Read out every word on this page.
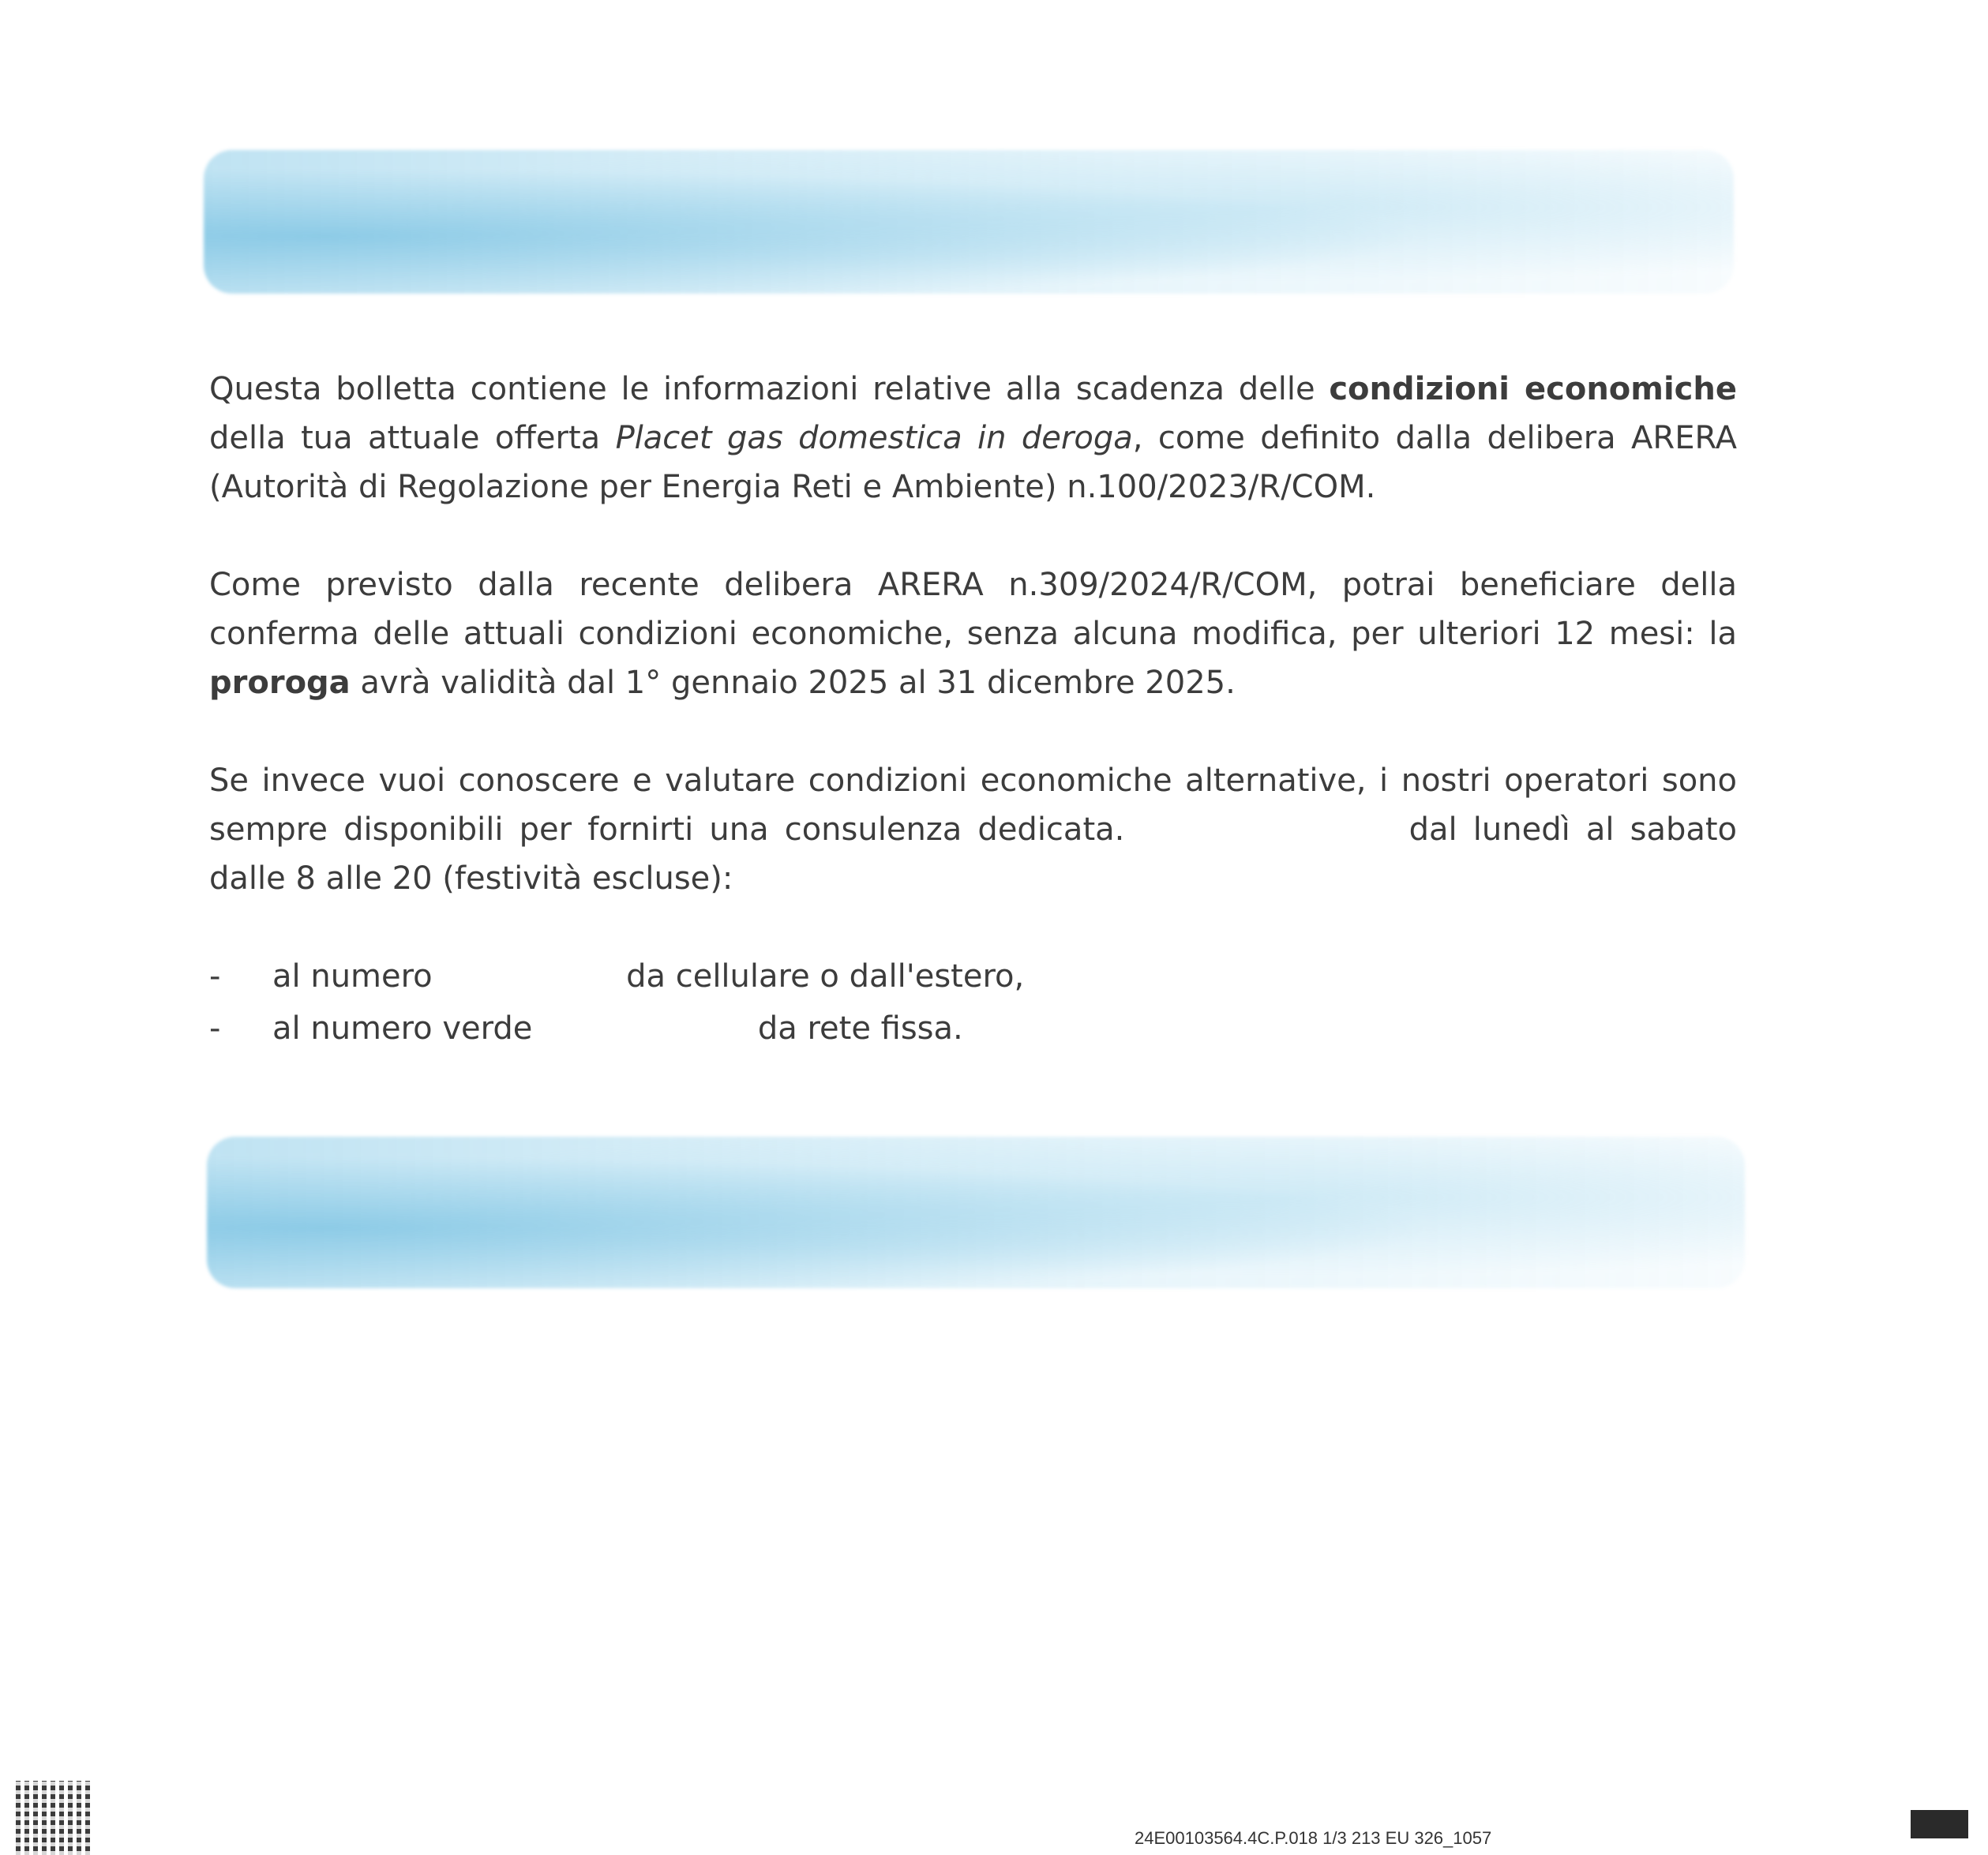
Questa bolletta contiene le informazioni relative alla scadenza delle condizioni economiche della tua attuale offerta Placet gas domestica in deroga, come definito dalla delibera ARERA (Autorità di Regolazione per Energia Reti e Ambiente) n.100/2023/R/COM.

Come previsto dalla recente delibera ARERA n.309/2024/R/COM, potrai beneficiare della conferma delle attuali condizioni economiche, senza alcuna modifica, per ulteriori 12 mesi: la proroga avrà validità dal 1° gennaio 2025 al 31 dicembre 2025.

Se invece vuoi conoscere e valutare condizioni economiche alternative, i nostri operatori sono sempre disponibili per fornirti una consulenza dedicata.	dal lunedì al sabato dalle 8 alle 20 (festività escluse):

- al numero	da cellulare o dall'estero,
- al numero verde	da rete fissa.
24E00103564.4C.P.018 1/3 213 EU 326_1057
